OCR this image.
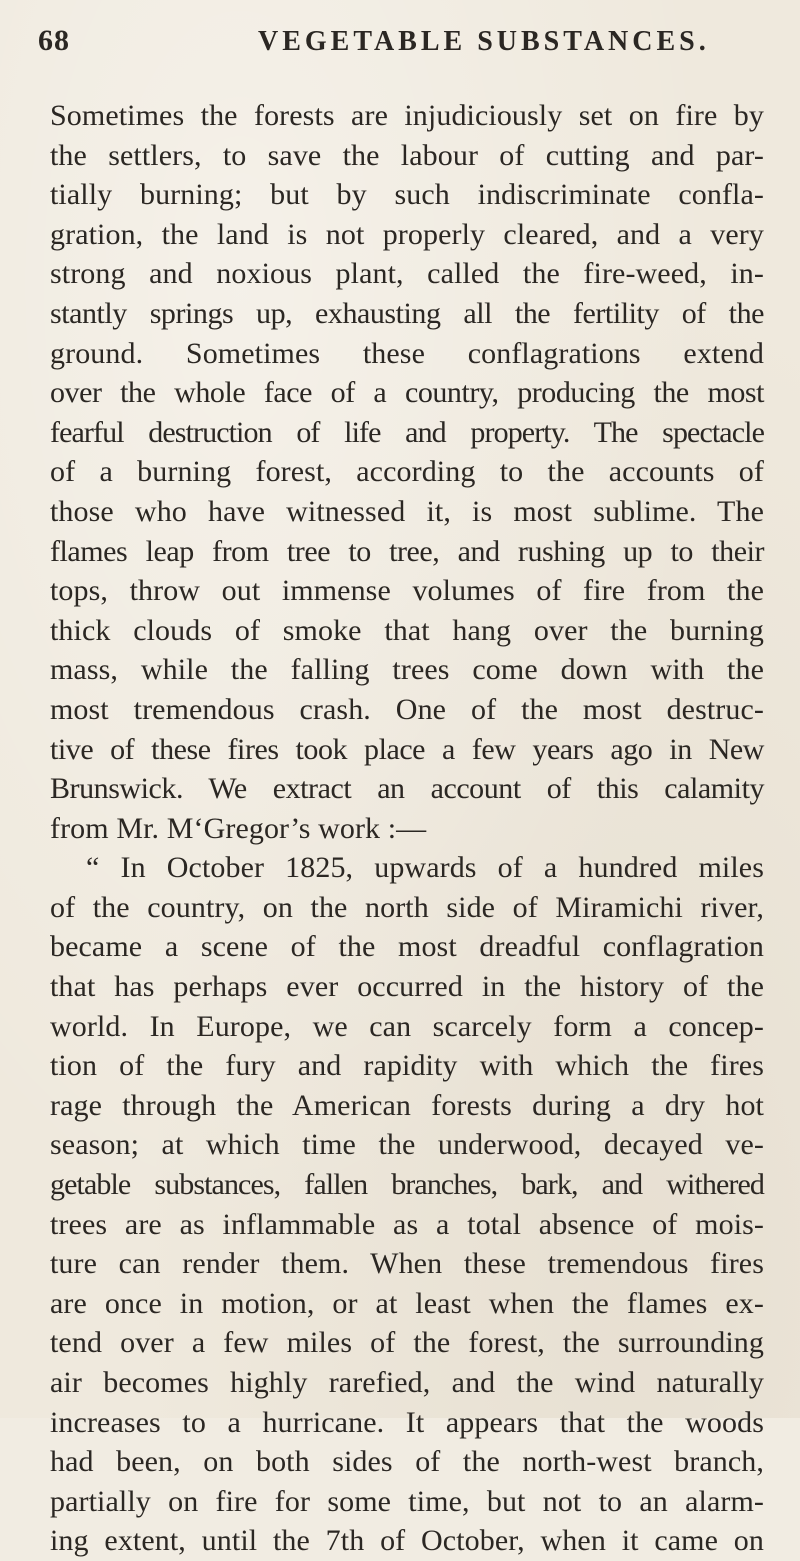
68	VEGETABLE SUBSTANCES.
Sometimes the forests are injudiciously set on fire by
the settlers, to save the labour of cutting and par-
tially burning; but by such indiscriminate confla-
gration, the land is not properly cleared, and a very
strong and noxious plant, called the fire-weed, in-
stantly springs up, exhausting all the fertility of the
ground. Sometimes these conflagrations extend
over the whole face of a country, producing the most
fearful destruction of life and property. The spectacle
of a burning forest, according to the accounts of
those who have witnessed it, is most sublime. The
flames leap from tree to tree, and rushing up to their
tops, throw out immense volumes of fire from the
thick clouds of smoke that hang over the burning
mass, while the falling trees come down with the
most tremendous crash. One of the most destruc-
tive of these fires took place a few years ago in New
Brunswick. We extract an account of this calamity
from Mr. M‘Gregor’s work :—
“ In October 1825, upwards of a hundred miles
of the country, on the north side of Miramichi river,
became a scene of the most dreadful conflagration
that has perhaps ever occurred in the history of the
world. In Europe, we can scarcely form a concep-
tion of the fury and rapidity with which the fires
rage through the American forests during a dry hot
season; at which time the underwood, decayed ve-
getable substances, fallen branches, bark, and withered
trees are as inflammable as a total absence of mois-
ture can render them. When these tremendous fires
are once in motion, or at least when the flames ex-
tend over a few miles of the forest, the surrounding
air becomes highly rarefied, and the wind naturally
increases to a hurricane. It appears that the woods
had been, on both sides of the north-west branch,
partially on fire for some time, but not to an alarm-
ing extent, until the 7th of October, when it came on
